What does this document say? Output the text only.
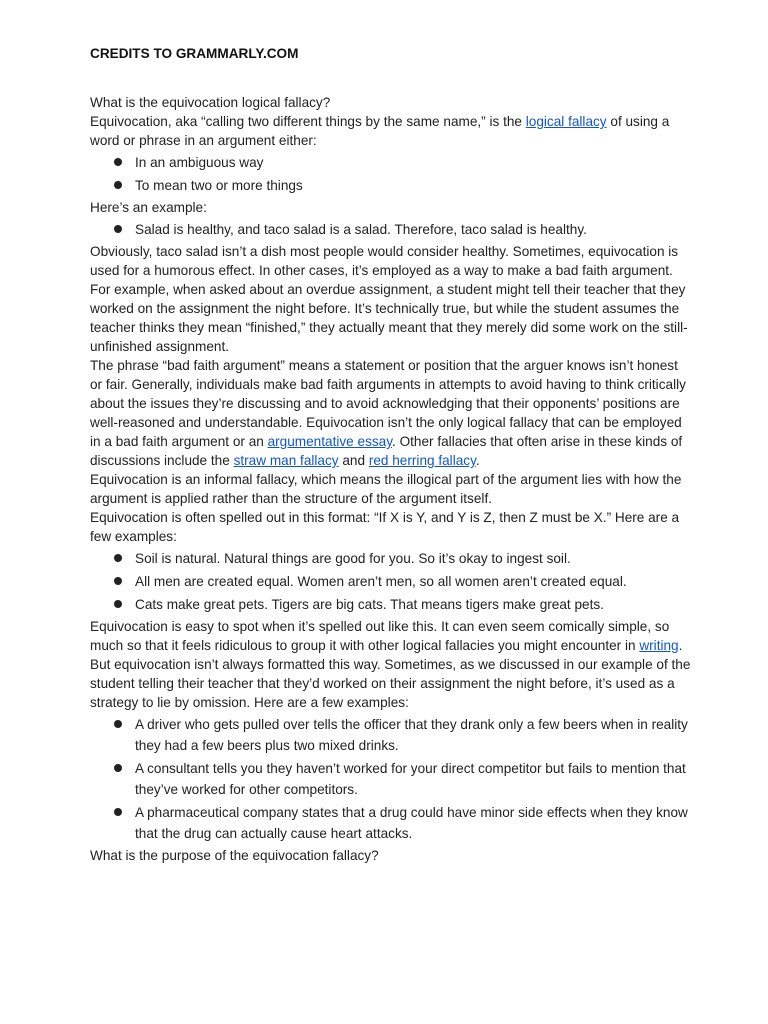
CREDITS TO GRAMMARLY.COM

What is the equivocation logical fallacy?

Equivocation, aka “calling two different things by the same name,” is the logical fallacy of using a word or phrase in an argument either:

In an ambiguous way
To mean two or more things

Here’s an example:

Salad is healthy, and taco salad is a salad. Therefore, taco salad is healthy.

Obviously, taco salad isn’t a dish most people would consider healthy. Sometimes, equivocation is used for a humorous effect. In other cases, it’s employed as a way to make a bad faith argument. For example, when asked about an overdue assignment, a student might tell their teacher that they worked on the assignment the night before. It’s technically true, but while the student assumes the teacher thinks they mean “finished,” they actually meant that they merely did some work on the still-unfinished assignment.

The phrase “bad faith argument” means a statement or position that the arguer knows isn’t honest or fair. Generally, individuals make bad faith arguments in attempts to avoid having to think critically about the issues they’re discussing and to avoid acknowledging that their opponents’ positions are well-reasoned and understandable. Equivocation isn’t the only logical fallacy that can be employed in a bad faith argument or an argumentative essay. Other fallacies that often arise in these kinds of discussions include the straw man fallacy and red herring fallacy.

Equivocation is an informal fallacy, which means the illogical part of the argument lies with how the argument is applied rather than the structure of the argument itself.

Equivocation is often spelled out in this format: “If X is Y, and Y is Z, then Z must be X.” Here are a few examples:

Soil is natural. Natural things are good for you. So it’s okay to ingest soil.
All men are created equal. Women aren’t men, so all women aren’t created equal.
Cats make great pets. Tigers are big cats. That means tigers make great pets.

Equivocation is easy to spot when it’s spelled out like this. It can even seem comically simple, so much so that it feels ridiculous to group it with other logical fallacies you might encounter in writing.

But equivocation isn’t always formatted this way. Sometimes, as we discussed in our example of the student telling their teacher that they’d worked on their assignment the night before, it’s used as a strategy to lie by omission. Here are a few examples:

A driver who gets pulled over tells the officer that they drank only a few beers when in reality they had a few beers plus two mixed drinks.
A consultant tells you they haven’t worked for your direct competitor but fails to mention that they’ve worked for other competitors.
A pharmaceutical company states that a drug could have minor side effects when they know that the drug can actually cause heart attacks.

What is the purpose of the equivocation fallacy?
